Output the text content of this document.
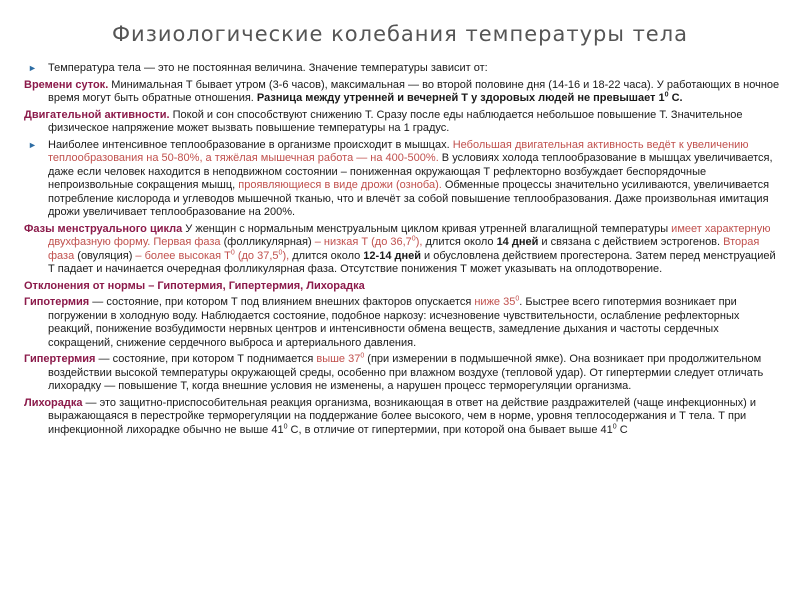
Физиологические колебания температуры тела

► Температура тела — это не постоянная величина. Значение температуры зависит от:

Времени суток. Минимальная Т бывает утром (3-6 часов), максимальная — во второй половине дня (14-16 и 18-22 часа). У работающих в ночное время могут быть обратные отношения. Разница между утренней и вечерней Т у здоровых людей не превышает $1^0$ С.

Двигательной активности. Покой и сон способствуют снижению Т. Сразу после еды наблюдается небольшое повышение Т. Значительное физическое напряжение может вызвать повышение температуры на 1 градус.

► Наиболее интенсивное теплообразование в организме происходит в мышцах. Небольшая двигательная активность ведёт к увеличению теплообразования на 50-80%, а тяжёлая мышечная работа — на 400-500%. В условиях холода теплообразование в мышцах увеличивается, даже если человек находится в неподвижном состоянии – пониженная окружающая Т рефлекторно возбуждает беспорядочные непроизвольные сокращения мышц, проявляющиеся в виде дрожи (озноба). Обменные процессы значительно усиливаются, увеличивается потребление кислорода и углеводов мышечной тканью, что и влечёт за собой повышение теплообразования. Даже произвольная имитация дрожи увеличивает теплообразование на 200%.

Фазы менструального цикла У женщин с нормальным менструальным циклом кривая утренней влагалищной температуры имеет характерную двухфазную форму. Первая фаза (фолликулярная) – низкая Т (до 36,7$^0$), длится около 14 дней и связана с действием эстрогенов. Вторая фаза (овуляция) – более высокая $Т^0$ (до 37,5$^0$), длится около 12-14 дней и обусловлена действием прогестерона. Затем перед менструацией Т падает и начинается очередная фолликулярная фаза. Отсутствие понижения Т может указывать на оплодотворение.

Отклонения от нормы – Гипотермия, Гипертермия, Лихорадка

Гипотермия — состояние, при котором Т под влиянием внешних факторов опускается ниже $35^0$. Быстрее всего гипотермия возникает при погружении в холодную воду. Наблюдается состояние, подобное наркозу: исчезновение чувствительности, ослабление рефлекторных реакций, понижение возбудимости нервных центров и интенсивности обмена веществ, замедление дыхания и частоты сердечных сокращений, снижение сердечного выброса и артериального давления.

Гипертермия — состояние, при котором Т поднимается выше $37^0$ (при измерении в подмышечной ямке). Она возникает при продолжительном воздействии высокой температуры окружающей среды, особенно при влажном воздухе (тепловой удар). От гипертермии следует отличать лихорадку — повышение Т, когда внешние условия не изменены, а нарушен процесс терморегуляции организма.

Лихорадка — это защитно-приспособительная реакция организма, возникающая в ответ на действие раздражителей (чаще инфекционных) и выражающаяся в перестройке терморегуляции на поддержание более высокого, чем в норме, уровня теплосодержания и Т тела. Т при инфекционной лихорадке обычно не выше $41^0$ С, в отличие от гипертермии, при которой она бывает выше $41^0$ С
